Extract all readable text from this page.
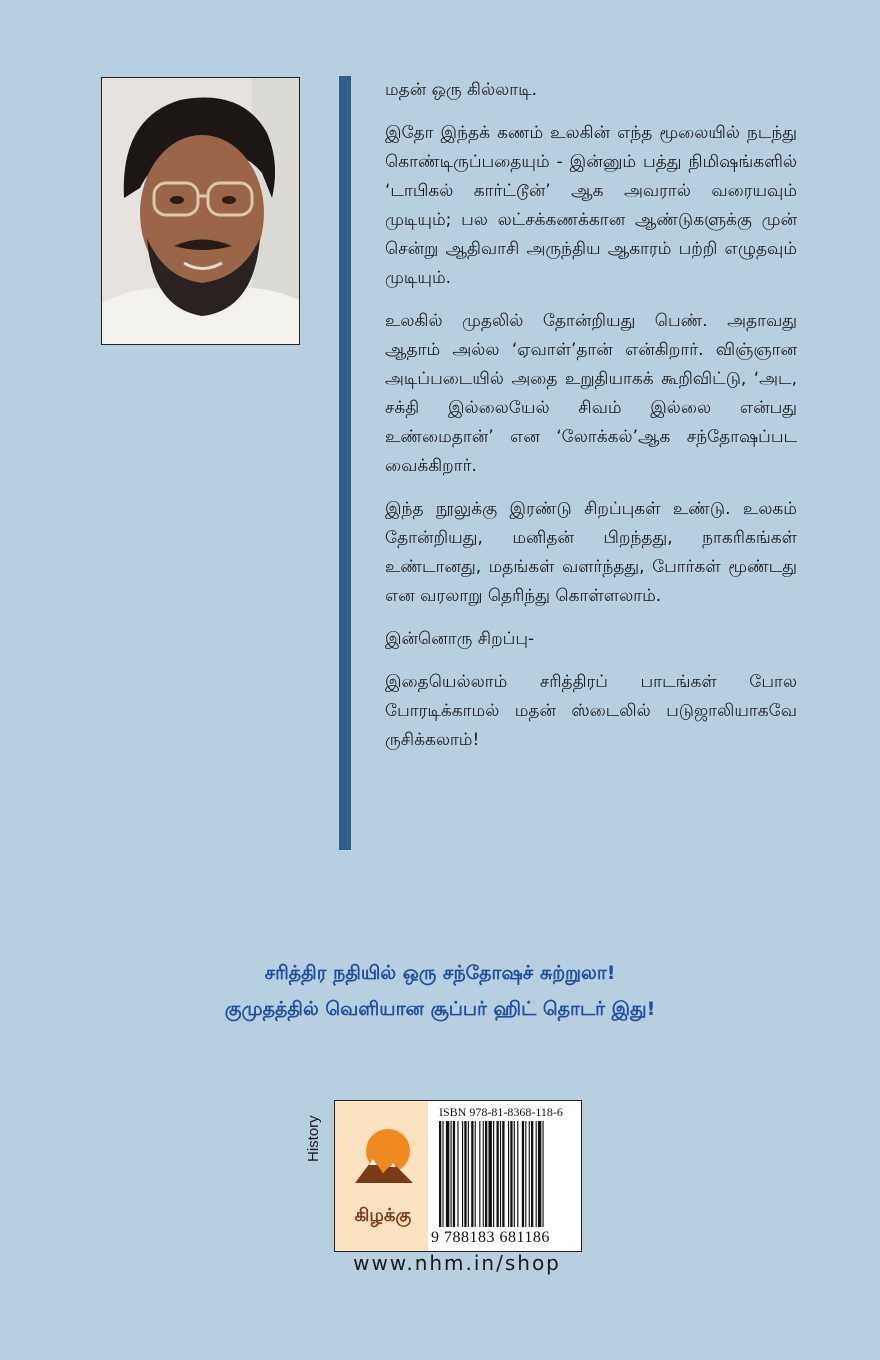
மதன் ஒரு கில்லாடி.

இதோ இந்தக் கணம் உலகின் எந்த மூலையில் நடந்து கொண்டிருப்பதையும் - இன்னும் பத்து நிமிஷங்களில் ‘டாபிகல் கார்ட்டூன்’ ஆக அவரால் வரையவும் முடியும்; பல லட்சக்கணக்கான ஆண்டுகளுக்கு முன் சென்று ஆதிவாசி அருந்திய ஆகாரம் பற்றி எழுதவும் முடியும்.

உலகில் முதலில் தோன்றியது பெண். அதாவது ஆதாம் அல்ல ‘ஏவாள்’தான் என்கிறார். விஞ்ஞான அடிப்படையில் அதை உறுதியாகக் கூறிவிட்டு, ‘அட, சக்தி இல்லையேல் சிவம் இல்லை என்பது உண்மைதான்’ என ‘லோக்கல்’ஆக சந்தோஷப்பட வைக்கிறார்.

இந்த நூலுக்கு இரண்டு சிறப்புகள் உண்டு. உலகம் தோன்றியது, மனிதன் பிறந்தது, நாகரிகங்கள் உண்டானது, மதங்கள் வளர்ந்தது, போர்கள் மூண்டது என வரலாறு தெரிந்து கொள்ளலாம்.

இன்னொரு சிறப்பு-

இதையெல்லாம் சரித்திரப் பாடங்கள் போல போரடிக்காமல் மதன் ஸ்டைலில் படுஜாலியாகவே ருசிக்கலாம்!

சரித்திர நதியில் ஒரு சந்தோஷச் சுற்றுலா!
குமுதத்தில் வெளியான சூப்பர் ஹிட் தொடர் இது!
History
கிழக்கு
ISBN 978-81-8368-118-6
9 788183 681186
www.nhm.in/shop
